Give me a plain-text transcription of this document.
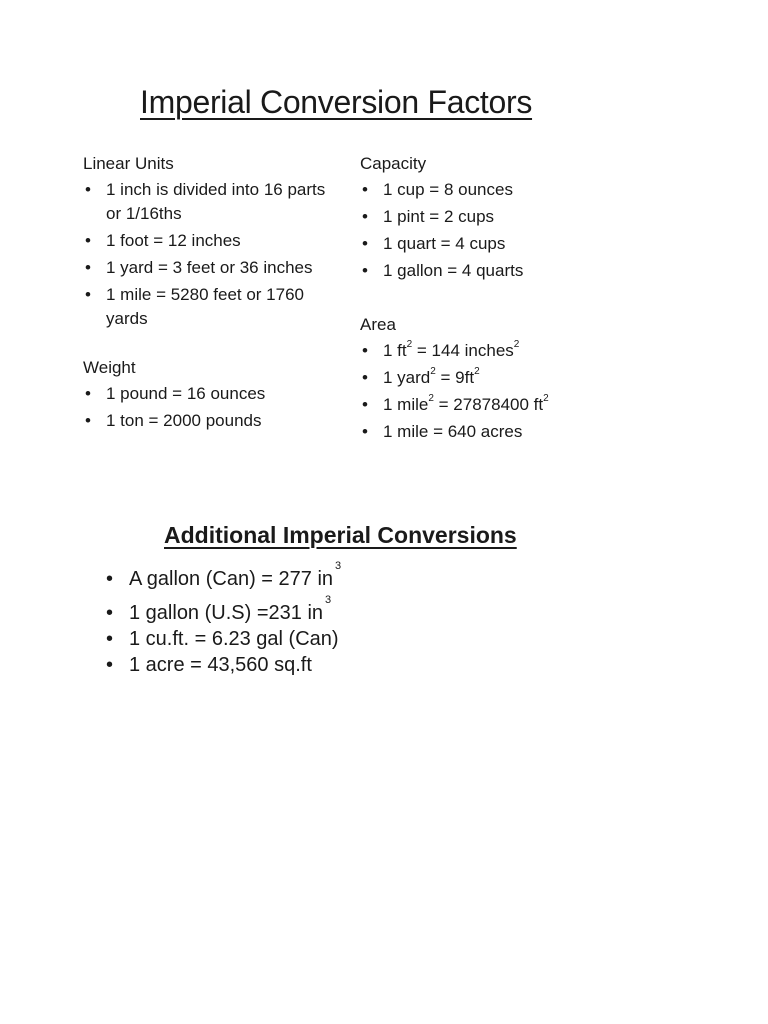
Imperial Conversion Factors
Linear Units
• 1 inch is divided into 16 parts or 1/16ths
• 1 foot = 12 inches
• 1 yard = 3 feet or 36 inches
• 1 mile = 5280 feet or 1760 yards
Weight
• 1 pound = 16 ounces
• 1 ton = 2000 pounds
Capacity
• 1 cup = 8 ounces
• 1 pint = 2 cups
• 1 quart = 4 cups
• 1 gallon = 4 quarts
Area
• 1 $ft^2 = 144$ inches$^2$
• 1 yard$^2$ = $9ft^2$
• 1 mile$^2$ = 27878400 $ft^2$
• 1 mile = 640 acres
Additional Imperial Conversions
• A gallon (Can) = 277 $in^3$
• 1 gallon (U.S) =231 $in^3$
• 1 cu.ft. = 6.23 gal (Can)
• 1 acre = 43,560 sq.ft
